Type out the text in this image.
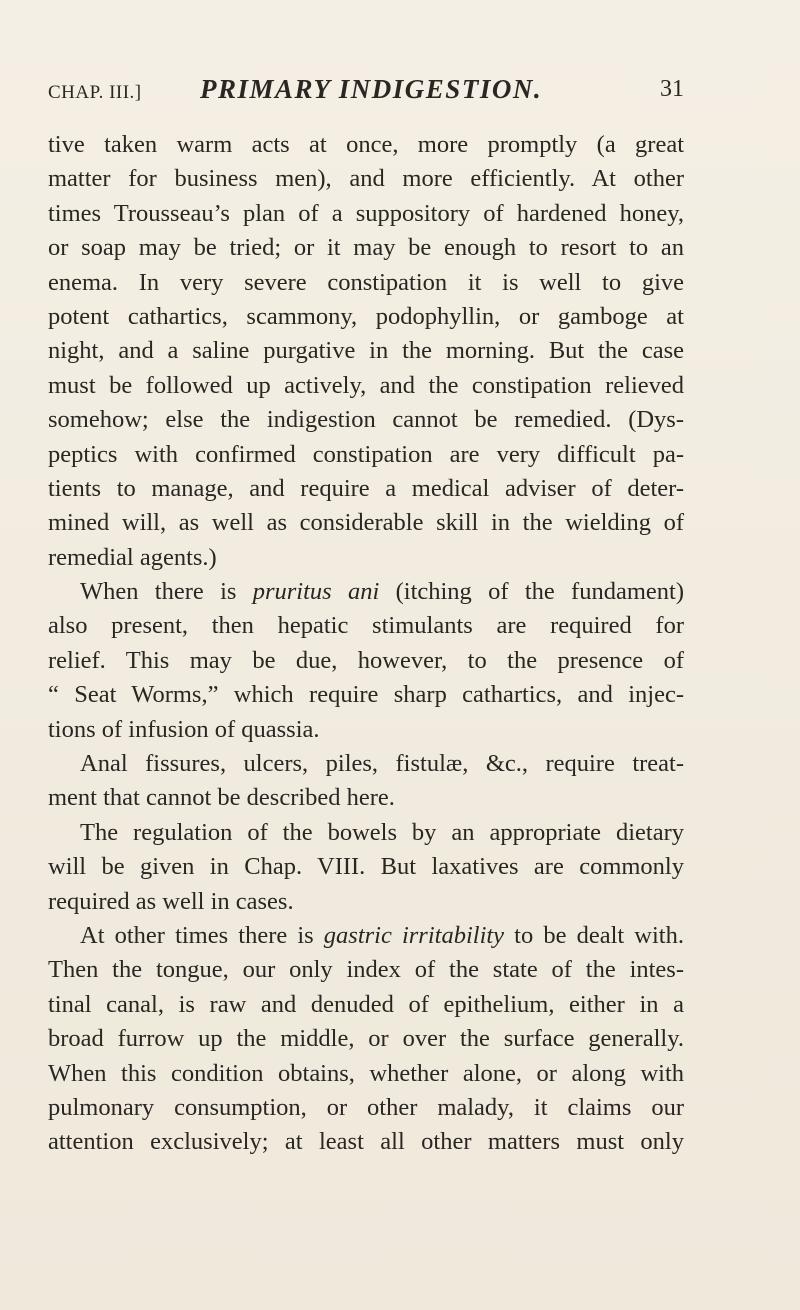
CHAP. III.] PRIMARY INDIGESTION.	31
tive taken warm acts at once, more promptly (a great
matter for business men), and more efficiently. At other
times Trousseau’s plan of a suppository of hardened honey,
or soap may be tried; or it may be enough to resort to an
enema. In very severe constipation it is well to give
potent cathartics, scammony, podophyllin, or gamboge at
night, and a saline purgative in the morning. But the case
must be followed up actively, and the constipation relieved
somehow; else the indigestion cannot be remedied. (Dys-
peptics with confirmed constipation are very difficult pa-
tients to manage, and require a medical adviser of deter-
mined will, as well as considerable skill in the wielding of
remedial agents.)
When there is pruritus ani (itching of the fundament)
also present, then hepatic stimulants are required for
relief. This may be due, however, to the presence of
“ Seat Worms,” which require sharp cathartics, and injec-
tions of infusion of quassia.
Anal fissures, ulcers, piles, fistulæ, &c., require treat-
ment that cannot be described here.
The regulation of the bowels by an appropriate dietary
will be given in Chap. VIII. But laxatives are commonly
required as well in cases.
At other times there is gastric irritability to be dealt with.
Then the tongue, our only index of the state of the intes-
tinal canal, is raw and denuded of epithelium, either in a
broad furrow up the middle, or over the surface generally.
When this condition obtains, whether alone, or along with
pulmonary consumption, or other malady, it claims our
attention exclusively; at least all other matters must only
